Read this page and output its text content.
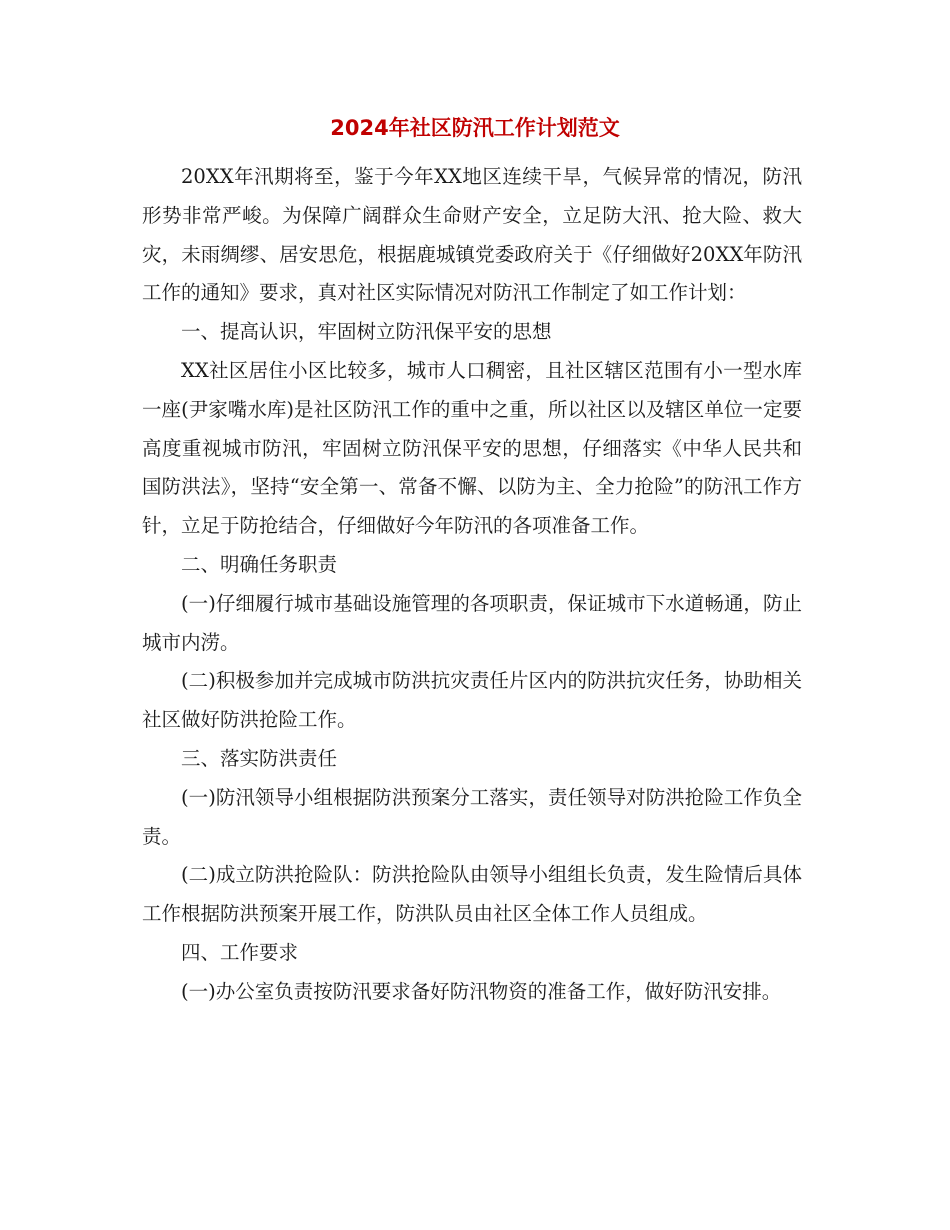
2024年社区防汛工作计划范文

20XX年汛期将至，鉴于今年XX地区连续干旱，气候异常的情况，防汛形势非常严峻。为保障广阔群众生命财产安全，立足防大汛、抢大险、救大灾，未雨绸缪、居安思危，根据鹿城镇党委政府关于《仔细做好20XX年防汛工作的通知》要求，真对社区实际情况对防汛工作制定了如工作计划：

一、提高认识，牢固树立防汛保平安的思想

XX社区居住小区比较多，城市人口稠密，且社区辖区范围有小一型水库一座(尹家嘴水库)是社区防汛工作的重中之重，所以社区以及辖区单位一定要高度重视城市防汛，牢固树立防汛保平安的思想，仔细落实《中华人民共和国防洪法》，坚持“安全第一、常备不懈、以防为主、全力抢险”的防汛工作方针，立足于防抢结合，仔细做好今年防汛的各项准备工作。

二、明确任务职责

(一)仔细履行城市基础设施管理的各项职责，保证城市下水道畅通，防止城市内涝。

(二)积极参加并完成城市防洪抗灾责任片区内的防洪抗灾任务，协助相关社区做好防洪抢险工作。

三、落实防洪责任

(一)防汛领导小组根据防洪预案分工落实，责任领导对防洪抢险工作负全责。

(二)成立防洪抢险队：防洪抢险队由领导小组组长负责，发生险情后具体工作根据防洪预案开展工作，防洪队员由社区全体工作人员组成。

四、工作要求

(一)办公室负责按防汛要求备好防汛物资的准备工作，做好防汛安排。
